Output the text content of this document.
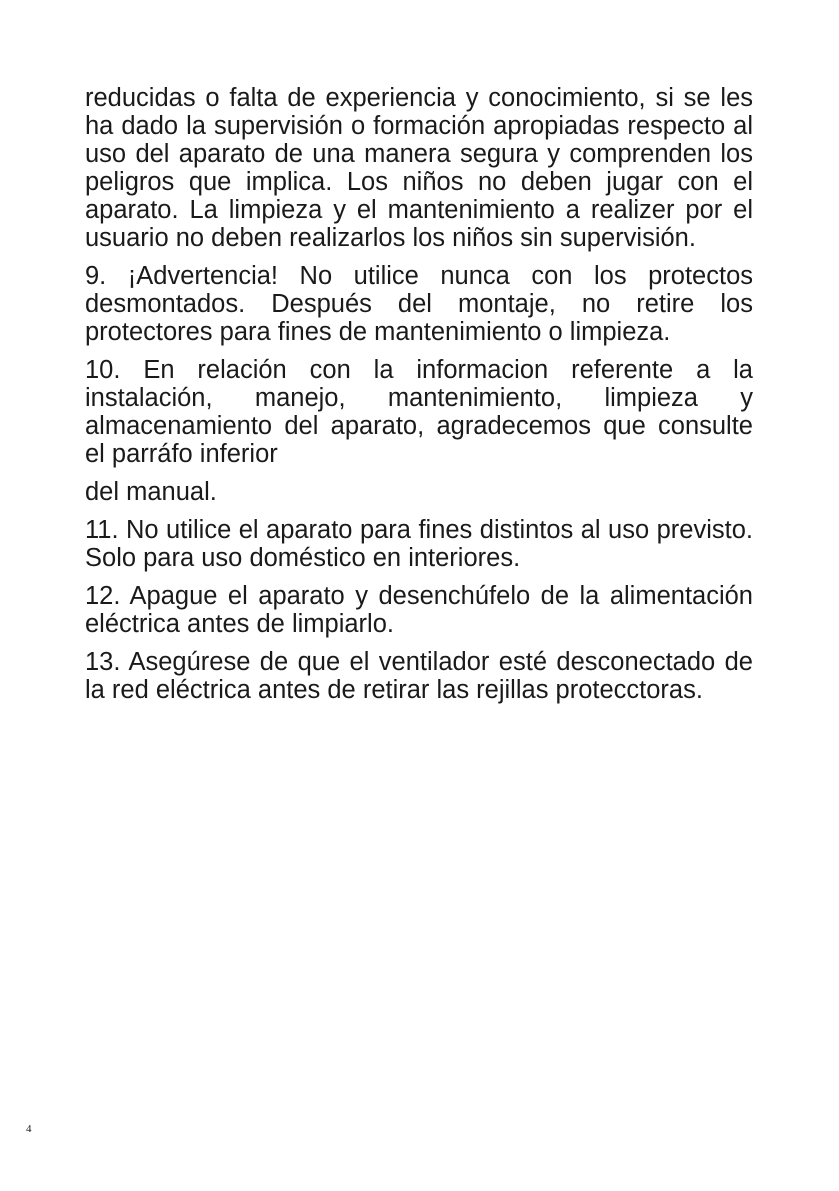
reducidas o falta de experiencia y conocimiento, si se les ha dado la supervisión o formación apropiadas respecto al uso del aparato de una manera segura y comprenden los peligros que implica. Los niños no deben jugar con el aparato. La limpieza y el mantenimiento a realizer por el usuario no deben realizarlos los niños sin supervisión.

9. ¡Advertencia! No utilice nunca con los protectos desmontados. Después del montaje, no retire los protectores para fines de mantenimiento o limpieza.

10. En relación con la informacion referente a la instalación, manejo, mantenimiento, limpieza y almacenamiento del aparato, agradecemos que consulte el parráfo inferior

del manual.

11. No utilice el aparato para fines distintos al uso previsto. Solo para uso doméstico en interiores.

12. Apague el aparato y desenchúfelo de la alimentación eléctrica antes de limpiarlo.

13. Asegúrese de que el ventilador esté desconectado de la red eléctrica antes de retirar las rejillas protecctoras.

4
